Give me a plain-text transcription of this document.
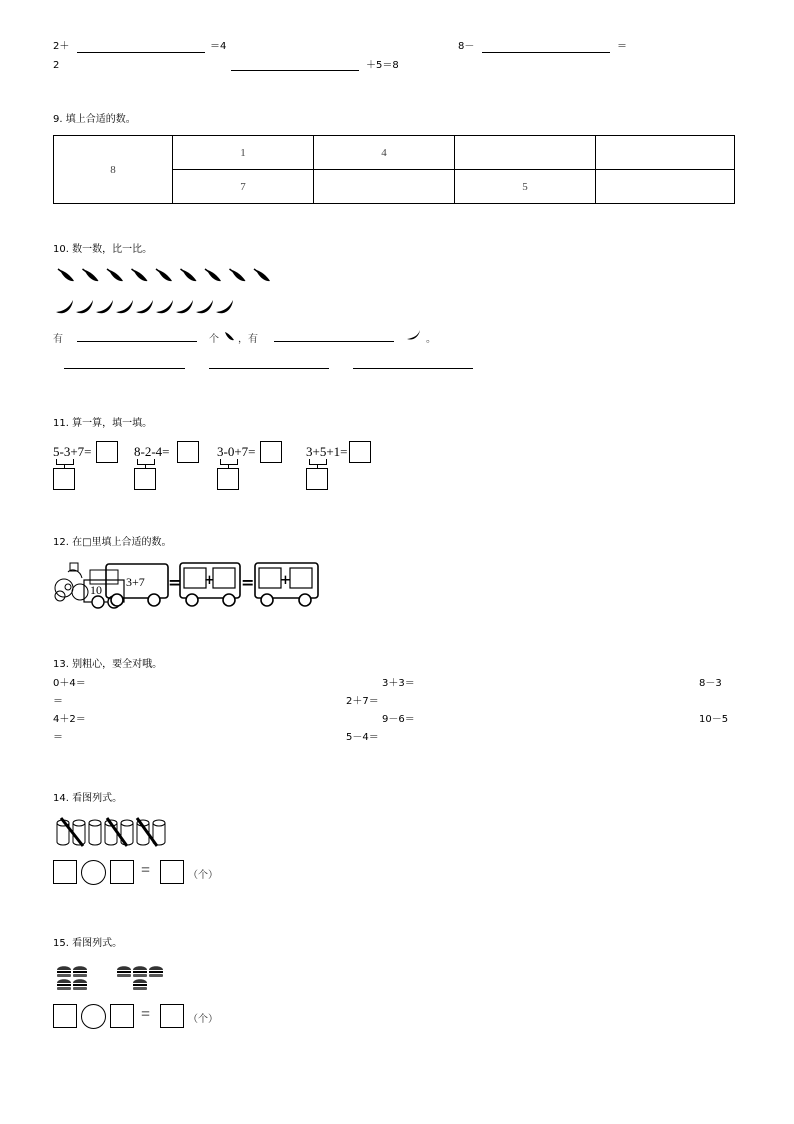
2＋	＝4	8－	＝
2	＋5＝8
9. 填上合适的数。
8	1	4		
	7		5	
10. 数一数，比一比。
有	个 ，有	。
11. 算一算，填一填。
5-3+7=	8-2-4=	3-0+7=	3+5+1=
12. 在□里填上合适的数。
10
3+7 = + = +
13. 别粗心，要全对哦。
0＋4＝	3＋3＝	8－3
＝	2＋7＝
4＋2＝	9－6＝	10－5
＝	5－4＝
14. 看图列式。
=	（个）
15. 看图列式。
=	（个）
